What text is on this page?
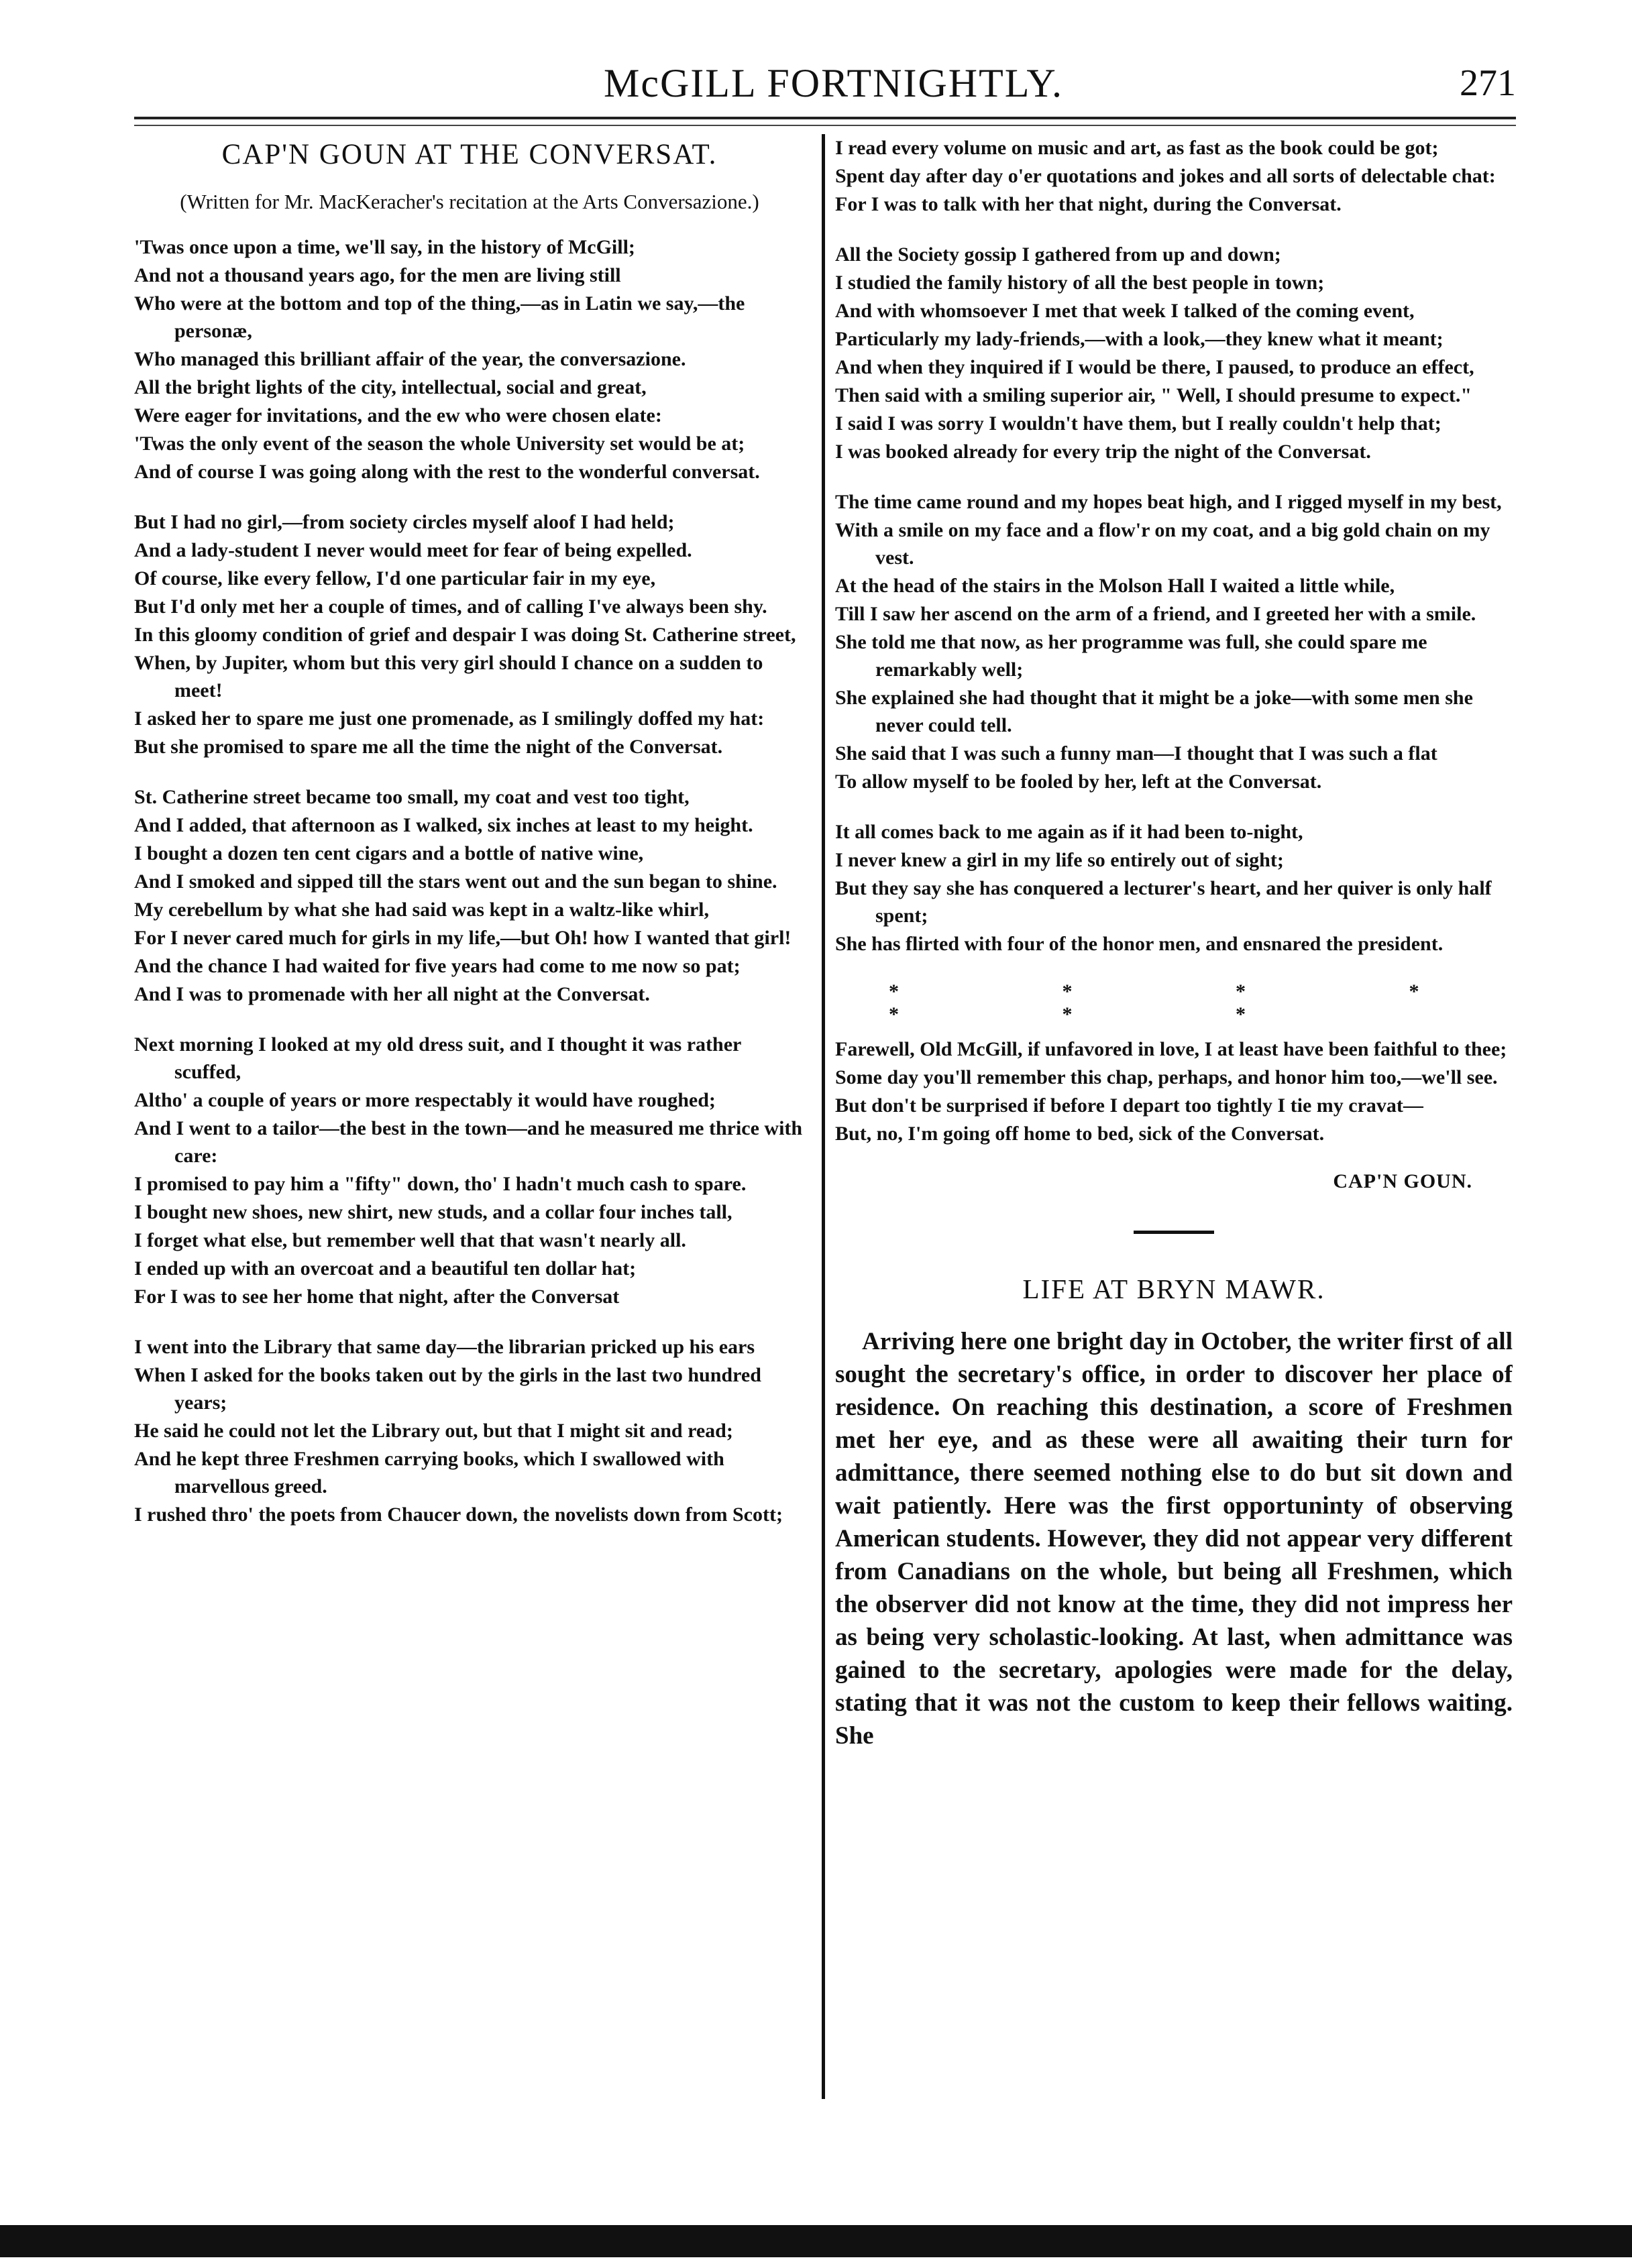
McGILL FORTNIGHTLY.	271
CAP'N GOUN AT THE CONVERSAT.
(Written for Mr. MacKeracher's recitation at the Arts Conversazione.)
'Twas once upon a time, we'll say, in the history of McGill;
And not a thousand years ago, for the men are living still
Who were at the bottom and top of the thing,—as in Latin we say,—the personæ,
Who managed this brilliant affair of the year, the conversazione.
All the bright lights of the city, intellectual, social and great,
Were eager for invitations, and the ew who were chosen elate:
'Twas the only event of the season the whole University set would be at;
And of course I was going along with the rest to the wonderful conversat.
But I had no girl,—from society circles myself aloof I had held;
And a lady-student I never would meet for fear of being expelled.
Of course, like every fellow, I'd one particular fair in my eye,
But I'd only met her a couple of times, and of calling I've always been shy.
In this gloomy condition of grief and despair I was doing St. Catherine street,
When, by Jupiter, whom but this very girl should I chance on a sudden to meet!
I asked her to spare me just one promenade, as I smilingly doffed my hat:
But she promised to spare me all the time the night of the Conversat.
St. Catherine street became too small, my coat and vest too tight,
And I added, that afternoon as I walked, six inches at least to my height.
I bought a dozen ten cent cigars and a bottle of native wine,
And I smoked and sipped till the stars went out and the sun began to shine.
My cerebellum by what she had said was kept in a waltz-like whirl,
For I never cared much for girls in my life,—but Oh! how I wanted that girl!
And the chance I had waited for five years had come to me now so pat;
And I was to promenade with her all night at the Conversat.
Next morning I looked at my old dress suit, and I thought it was rather scuffed,
Altho' a couple of years or more respectably it would have roughed;
And I went to a tailor—the best in the town—and he measured me thrice with care:
I promised to pay him a "fifty" down, tho' I hadn't much cash to spare.
I bought new shoes, new shirt, new studs, and a collar four inches tall,
I forget what else, but remember well that that wasn't nearly all.
I ended up with an overcoat and a beautiful ten dollar hat;
For I was to see her home that night, after the Conversat
I went into the Library that same day—the librarian pricked up his ears
When I asked for the books taken out by the girls in the last two hundred years;
He said he could not let the Library out, but that I might sit and read;
And he kept three Freshmen carrying books, which I swallowed with marvellous greed.
I rushed thro' the poets from Chaucer down, the novelists down from Scott;
I read every volume on music and art, as fast as the book could be got;
Spent day after day o'er quotations and jokes and all sorts of delectable chat:
For I was to talk with her that night, during the Conversat.
All the Society gossip I gathered from up and down;
I studied the family history of all the best people in town;
And with whomsoever I met that week I talked of the coming event,
Particularly my lady-friends,—with a look,—they knew what it meant;
And when they inquired if I would be there, I paused, to produce an effect,
Then said with a smiling superior air, " Well, I should presume to expect."
I said I was sorry I wouldn't have them, but I really couldn't help that;
I was booked already for every trip the night of the Conversat.
The time came round and my hopes beat high, and I rigged myself in my best,
With a smile on my face and a flow'r on my coat, and a big gold chain on my vest.
At the head of the stairs in the Molson Hall I waited a little while,
Till I saw her ascend on the arm of a friend, and I greeted her with a smile.
She told me that now, as her programme was full, she could spare me remarkably well;
She explained she had thought that it might be a joke—with some men she never could tell.
She said that I was such a funny man—I thought that I was such a flat
To allow myself to be fooled by her, left at the Conversat.
It all comes back to me again as if it had been to-night,
I never knew a girl in my life so entirely out of sight;
But they say she has conquered a lecturer's heart, and her quiver is only half spent;
She has flirted with four of the honor men, and ensnared the president.
* * * * * * *
Farewell, Old McGill, if unfavored in love, I at least have been faithful to thee;
Some day you'll remember this chap, perhaps, and honor him too,—we'll see.
But don't be surprised if before I depart too tightly I tie my cravat—
But, no, I'm going off home to bed, sick of the Conversat.
CAP'N GOUN.
LIFE AT BRYN MAWR.
Arriving here one bright day in October, the writer first of all sought the secretary's office, in order to discover her place of residence. On reaching this destination, a score of Freshmen met her eye, and as these were all awaiting their turn for admittance, there seemed nothing else to do but sit down and wait patiently. Here was the first opportuninty of observing American students. However, they did not appear very different from Canadians on the whole, but being all Freshmen, which the observer did not know at the time, they did not impress her as being very scholastic-looking. At last, when admittance was gained to the secretary, apologies were made for the delay, stating that it was not the custom to keep their fellows waiting. She
